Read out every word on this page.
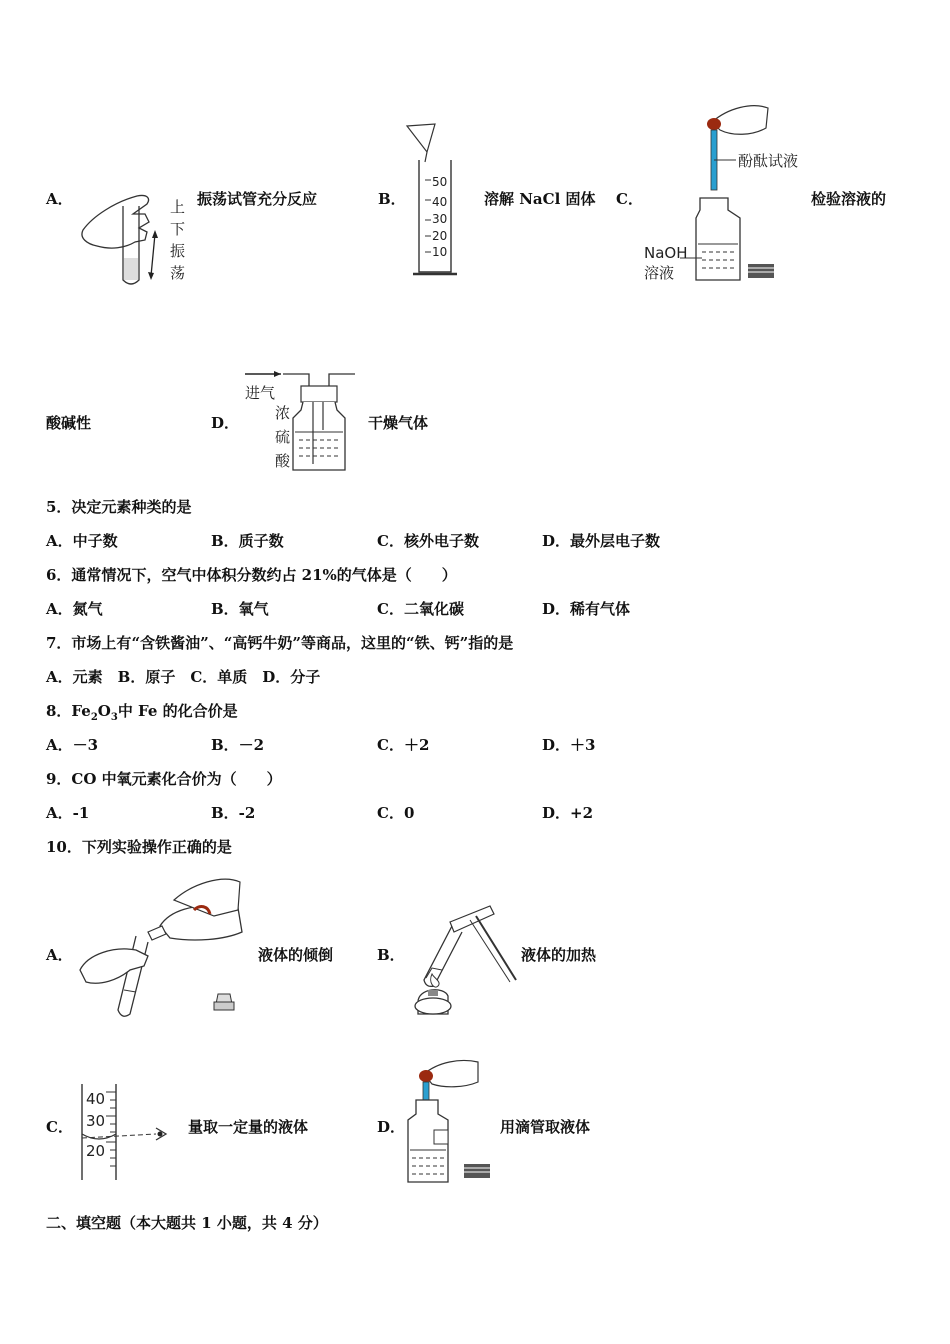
A．	上
下
振
荡
振荡试管充分反应	B．
50
40
30
20
10
溶解 NaCl 固体 C．
酚酞试液
NaOH
溶液
检验溶液的
酸碱性	D．
进气
浓
硫
酸
干燥气体
5．决定元素种类的是
A．中子数	B．质子数	C．核外电子数	D．最外层电子数
6．通常情况下，空气中体积分数约占 21%的气体是（　　）
A．氮气	B．氧气	C．二氧化碳	D．稀有气体
7．市场上有“含铁酱油”、“高钙牛奶”等商品，这里的“铁、钙”指的是
A．元素　B．原子　C．单质　D．分子
8．$Fe_2O_3$中 Fe 的化合价是
A．－3	B．－2	C．＋2	D．＋3
9．CO 中氧元素化合价为（　　）
A．-1	B．-2	C．0	D．+2
10．下列实验操作正确的是
A．	液体的倾倒	B．	液体的加热
C．
40
30
20
量取一定量的液体	D．	用滴管取液体
二、填空题（本大题共 1 小题，共 4 分）
